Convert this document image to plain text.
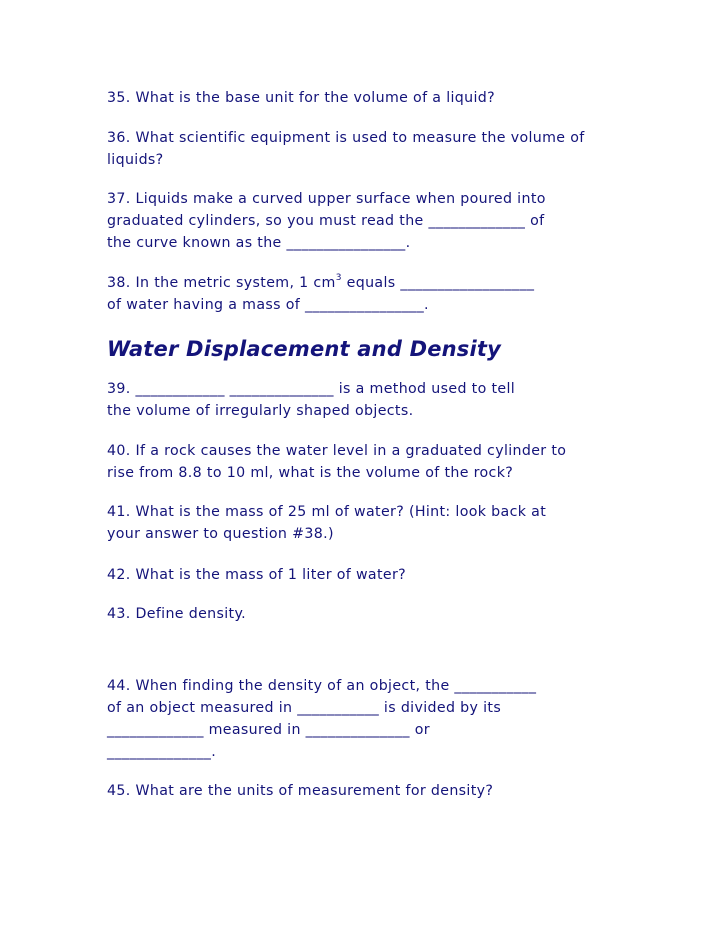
35. What is the base unit for the volume of a liquid?

36. What scientific equipment is used to measure the volume of
liquids?

37. Liquids make a curved upper surface when poured into
graduated cylinders, so you must read the _____________ of
the curve known as the ________________.

38. In the metric system, 1 $cm^3$ equals __________________
of water having a mass of ________________.

Water Displacement and Density

39. ____________ ______________ is a method used to tell
the volume of irregularly shaped objects.

40. If a rock causes the water level in a graduated cylinder to
rise from 8.8 to 10 ml, what is the volume of the rock?

41. What is the mass of 25 ml of water? (Hint: look back at
your answer to question #38.)

42. What is the mass of 1 liter of water?

43. Define density.

44. When finding the density of an object, the ___________
of an object measured in ___________ is divided by its
_____________ measured in ______________ or
______________.

45. What are the units of measurement for density?
